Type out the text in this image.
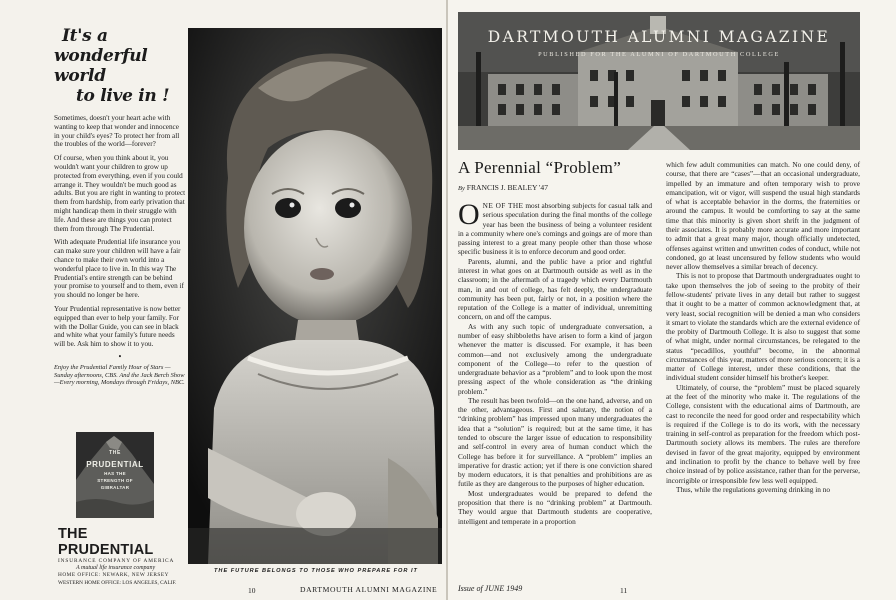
It's a
wonderful world
to live in !

Sometimes, doesn't your heart ache with wanting to keep that wonder and innocence in your child's eyes? To protect her from all the troubles of the world—forever?

Of course, when you think about it, you wouldn't want your children to grow up protected from everything, even if you could arrange it. They wouldn't be much good as adults. But you are right in wanting to protect them from hardship, from early privation that might handicap them in their struggle with life. And these are things you can protect them from through The Prudential.

With adequate Prudential life insurance you can make sure your children will have a fair chance to make their own world into a wonderful place to live in. In this way The Prudential's entire strength can be behind your promise to yourself and to them, even if you should no longer be here.

Your Prudential representative is now better equipped than ever to help your family. For with the Dollar Guide, you can see in black and white what your family's future needs will be. Ask him to show it to you.

•

Enjoy the Prudential Family Hour of Stars —Sunday afternoons, CBS. And the Jack Berch Show—Every morning, Mondays through Fridays, NBC.

THE
PRUDENTIAL
HAS THE
STRENGTH OF
GIBRALTAR
THE PRUDENTIAL
INSURANCE COMPANY OF AMERICA
A mutual life insurance company
HOME OFFICE: NEWARK, NEW JERSEY
WESTERN HOME OFFICE: LOS ANGELES, CALIF.
THE FUTURE BELONGS TO THOSE WHO PREPARE FOR IT
10	DARTMOUTH ALUMNI MAGAZINE
DARTMOUTH ALUMNI MAGAZINE
PUBLISHED FOR THE ALUMNI OF DARTMOUTH COLLEGE
A Perennial “Problem”
By FRANCIS J. BEALEY '47

ONE OF THE most absorbing subjects for casual talk and serious speculation during the final months of the college year has been the business of being a volunteer resident in a community where one's comings and goings are of more than passing interest to a great many people other than those whose specific business it is to enforce decorum and good order.

Parents, alumni, and the public have a prior and rightful interest in what goes on at Dartmouth outside as well as in the classroom; in the aftermath of a tragedy which every Dartmouth man, in and out of college, has felt deeply, the undergraduate community has been put, fairly or not, in a position where the reputation of the College is a matter of individual, unremitting concern, on and off the campus.

As with any such topic of undergraduate conversation, a number of easy shibboleths have arisen to form a kind of jargon whenever the matter is discussed. For example, it has been common—and not exclusively among the undergraduate component of the College—to refer to the question of undergraduate behavior as a “problem” and to look upon the most pressing aspect of the whole consideration as “the drinking problem.”

The result has been twofold—on the one hand, adverse, and on the other, advantageous. First and salutary, the notion of a “drinking problem” has impressed upon many undergraduates the idea that a “solution” is required; but at the same time, it has tended to obscure the larger issue of education to responsibility and self-control in every area of human conduct which the College has before it for surveillance. A “problem” implies an imperative for drastic action; yet if there is one conviction shared by modern educators, it is that penalties and prohibitions are as futile as they are dangerous to the purposes of higher education.

Most undergraduates would be prepared to defend the proposition that there is no “drinking problem” at Dartmouth. They would argue that Dartmouth students are cooperative, intelligent and temperate in a proportion

which few adult communities can match. No one could deny, of course, that there are “cases”—that an occasional undergraduate, impelled by an immature and often temporary wish to prove emancipation, wit or vigor, will suspend the usual high standards of what is acceptable behavior in the dorms, the fraternities or around the campus. It would be comforting to say at the same time that this minority is given short shrift in the judgment of their associates. It is probably more accurate and more important to admit that a great many major, though officially undetected, offenses against written and unwritten codes of conduct, while not condoned, go at least uncensured by fellow students who would never allow themselves a similar breach of decency.

This is not to propose that Dartmouth undergraduates ought to take upon themselves the job of seeing to the probity of their fellow-students' private lives in any detail but rather to suggest that it ought to be a matter of common acknowledgment that, at very least, social recognition will be denied a man who considers it smart to violate the standards which are the external evidence of the probity of Dartmouth College. It is also to suggest that some of what might, under normal circumstances, be relegated to the status “pecadillos, youthful” become, in the abnormal circumstances of this year, matters of more serious concern; it is a matter of College interest, under these conditions, that the individual student consider himself his brother's keeper.

Ultimately, of course, the “problem” must be placed squarely at the feet of the minority who make it. The regulations of the College, consistent with the educational aims of Dartmouth, are cast to reconcile the need for good order and respectability which is required if the College is to do its work, with the necessary training in self-control as preparation for the freedom which post-Dartmouth society allows its members. The rules are therefore devised in favor of the great majority, equipped by environment and inclination to profit by the chance to behave well by free choice instead of by police assistance, rather than for the perverse, incorrigible or irresponsible few less well equipped.

Thus, while the regulations governing drinking in no

Issue of JUNE 1949	11
